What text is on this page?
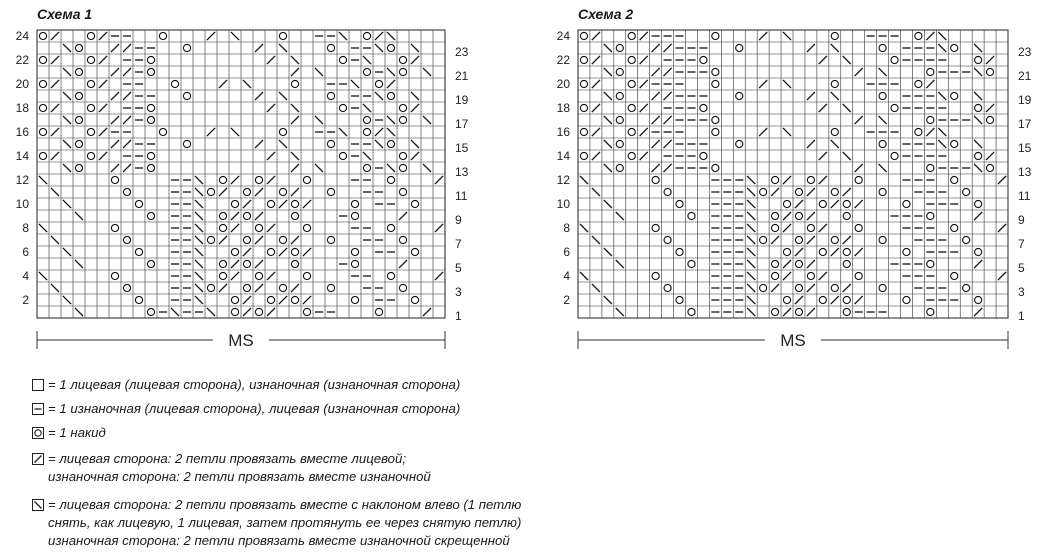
Схема 1	Схема 2
24
22
20
18
16
14
12
10
8
6
4
2
23
21
19
17
15
13
11
9
7
5
3
1
MS
24
22
20
18
16
14
12
10
8
6
4
2
23
21
19
17
15
13
11
9
7
5
3
1
MS
= 1 лицевая (лицевая сторона), изнаночная (изнаночная сторона)
= 1 изнаночная (лицевая сторона), лицевая (изнаночная сторона)
= 1 накид
= лицевая сторона: 2 петли провязать вместе лицевой;
изнаночная сторона: 2 петли провязать вместе изнаночной
= лицевая сторона: 2 петли провязать вместе с наклоном влево (1 петлю
снять, как лицевую, 1 лицевая, затем протянуть ее через снятую петлю)
изнаночная сторона: 2 петли провязать вместе изнаночной скрещенной
